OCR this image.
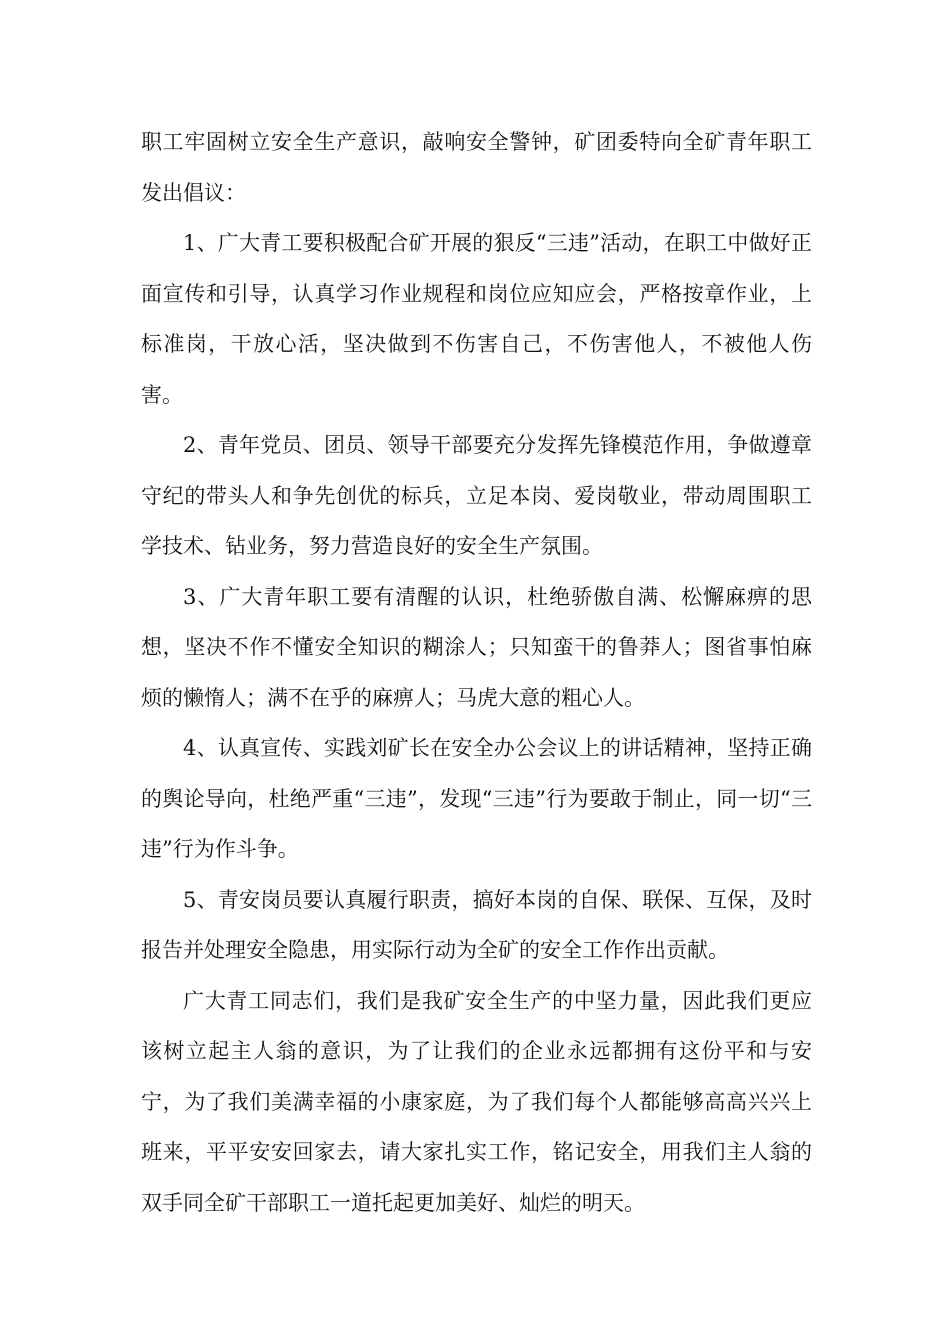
职工牢固树立安全生产意识，敲响安全警钟，矿团委特向全矿青年职工发出倡议：

1、广大青工要积极配合矿开展的狠反“三违”活动，在职工中做好正面宣传和引导，认真学习作业规程和岗位应知应会，严格按章作业，上标准岗，干放心活，坚决做到不伤害自己，不伤害他人，不被他人伤害。

2、青年党员、团员、领导干部要充分发挥先锋模范作用，争做遵章守纪的带头人和争先创优的标兵，立足本岗、爱岗敬业，带动周围职工学技术、钻业务，努力营造良好的安全生产氛围。

3、广大青年职工要有清醒的认识，杜绝骄傲自满、松懈麻痹的思想，坚决不作不懂安全知识的糊涂人；只知蛮干的鲁莽人；图省事怕麻烦的懒惰人；满不在乎的麻痹人；马虎大意的粗心人。

4、认真宣传、实践刘矿长在安全办公会议上的讲话精神，坚持正确的舆论导向，杜绝严重“三违”，发现“三违”行为要敢于制止，同一切“三违”行为作斗争。

5、青安岗员要认真履行职责，搞好本岗的自保、联保、互保，及时报告并处理安全隐患，用实际行动为全矿的安全工作作出贡献。

广大青工同志们，我们是我矿安全生产的中坚力量，因此我们更应该树立起主人翁的意识，为了让我们的企业永远都拥有这份平和与安宁，为了我们美满幸福的小康家庭，为了我们每个人都能够高高兴兴上班来，平平安安回家去，请大家扎实工作，铭记安全，用我们主人翁的双手同全矿干部职工一道托起更加美好、灿烂的明天。
